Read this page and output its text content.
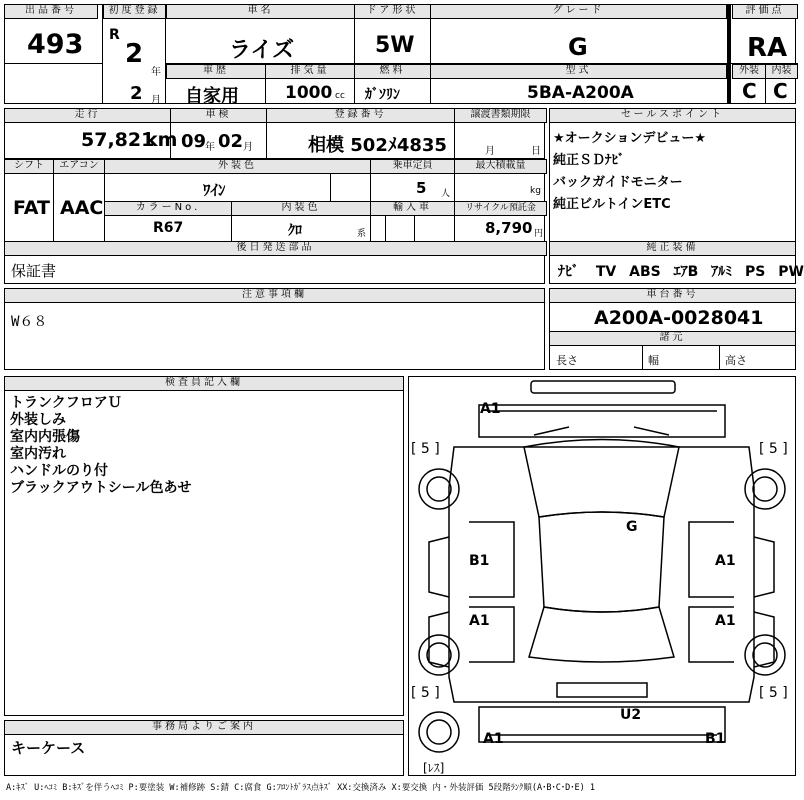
出品番号
493
初度登録
R
2
年
2 月
車名
ライズ
ドア形状
5W
グレード
G
評価点
RA
車歴
自家用
排気量
1000 cc
燃料
ｶﾞｿﾘﾝ
型式
5BA-A200A
外装	内装
C C
走行
57,821
km
車検
09
年 02 月
登録番号
相模 502ﾒ4835
譲渡書類期限
月	日
シフト
FAT
エアコン
AAC
外装色
ﾜｲﾝ
乗車定員
5 人
最大積載量
kg
カラーNo.
R67
内装色
ｸﾛ	系
輸入車	リサイクル預託金
8,790 円
後日発送部品
保証書
セールスポイント
★オークションデビュー★
純正ＳＤﾅﾋﾞ
バックガイドモニター
純正ビルトインETC
純正装備
ﾅﾋﾞ TV ABS ｴｱB ｱﾙﾐ PS PW
注意事項欄
W６８
車台番号
A200A-0028041
諸元
長さ	幅	高さ
検査員記入欄
トランクフロアＵ
外装しみ
室内内張傷
室内汚れ
ハンドルのり付
ブラックアウトシール色あせ
事務局よりご案内
キーケース
A1
G
B1	A1
A1	A1
U2
A1	B1
[ 5 ]	[ 5 ]
[ 5 ]	[ 5 ]
[ﾚｽ]
A:ｷｽﾞ U:ﾍｺﾐ B:ｷｽﾞを伴うﾍｺﾐ P:要塗装 W:補修跡 S:錆 C:腐食 G:ﾌﾛﾝﾄｶﾞﾗｽ点ｷｽﾞ XX:交換済み X:要交換 内・外装評価 5段階ﾗﾝｸ順(A･B･C･D･E) 1
